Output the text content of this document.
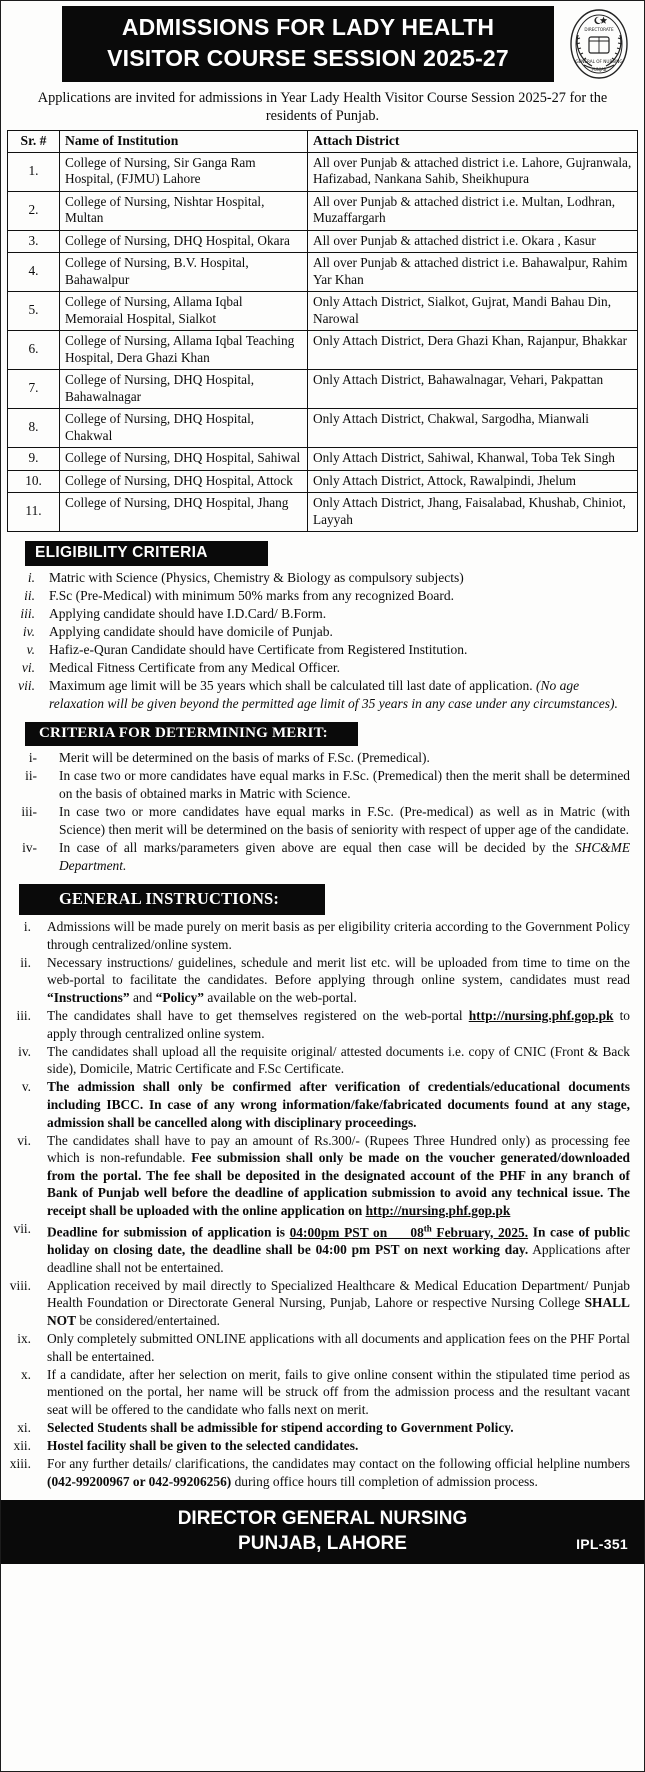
ADMISSIONS FOR LADY HEALTH
VISITOR COURSE SESSION 2025-27
DIRECTORATE
GENERAL OF NURSING
PUNJAB
Applications are invited for admissions in Year Lady Health Visitor Course Session 2025-27 for the residents of Punjab.
Sr. #	Name of Institution	Attach District
1.	College of Nursing, Sir Ganga Ram Hospital, (FJMU) Lahore	All over Punjab & attached district i.e. Lahore, Gujranwala, Hafizabad, Nankana Sahib, Sheikhupura
2.	College of Nursing, Nishtar Hospital, Multan	All over Punjab & attached district i.e. Multan, Lodhran, Muzaffargarh
3.	College of Nursing, DHQ Hospital, Okara	All over Punjab & attached district i.e. Okara , Kasur
4.	College of Nursing, B.V. Hospital, Bahawalpur	All over Punjab & attached district i.e. Bahawalpur, Rahim Yar Khan
5.	College of Nursing, Allama Iqbal Memoraial Hospital, Sialkot	Only Attach District, Sialkot, Gujrat, Mandi Bahau Din, Narowal
6.	College of Nursing, Allama Iqbal Teaching Hospital, Dera Ghazi Khan	Only Attach District, Dera Ghazi Khan, Rajanpur, Bhakkar
7.	College of Nursing, DHQ Hospital, Bahawalnagar	Only Attach District, Bahawalnagar, Vehari, Pakpattan
8.	College of Nursing, DHQ Hospital, Chakwal	Only Attach District, Chakwal, Sargodha, Mianwali
9.	College of Nursing, DHQ Hospital, Sahiwal	Only Attach District, Sahiwal, Khanwal, Toba Tek Singh
10.	College of Nursing, DHQ Hospital, Attock	Only Attach District, Attock, Rawalpindi, Jhelum
11.	College of Nursing, DHQ Hospital, Jhang	Only Attach District, Jhang, Faisalabad, Khushab, Chiniot, Layyah
ELIGIBILITY CRITERIA
i.	Matric with Science (Physics, Chemistry & Biology as compulsory subjects)
ii.	F.Sc (Pre-Medical) with minimum 50% marks from any recognized Board.
iii.	Applying candidate should have I.D.Card/ B.Form.
iv.	Applying candidate should have domicile of Punjab.
v.	Hafiz-e-Quran Candidate should have Certificate from Registered Institution.
vi.	Medical Fitness Certificate from any Medical Officer.
vii.	Maximum age limit will be 35 years which shall be calculated till last date of application. (No age relaxation will be given beyond the permitted age limit of 35 years in any case under any circumstances).
CRITERIA FOR DETERMINING MERIT:
i-	Merit will be determined on the basis of marks of F.Sc. (Premedical).
ii-	In case two or more candidates have equal marks in F.Sc. (Premedical) then the merit shall be determined on the basis of obtained marks in Matric with Science.
iii-	In case two or more candidates have equal marks in F.Sc. (Pre-medical) as well as in Matric (with Science) then merit will be determined on the basis of seniority with respect of upper age of the candidate.
iv-	In case of all marks/parameters given above are equal then case will be decided by the SHC&ME Department.
GENERAL INSTRUCTIONS:
i.	Admissions will be made purely on merit basis as per eligibility criteria according to the Government Policy through centralized/online system.
ii.	Necessary instructions/ guidelines, schedule and merit list etc. will be uploaded from time to time on the web-portal to facilitate the candidates. Before applying through online system, candidates must read “Instructions” and “Policy” available on the web-portal.
iii.	The candidates shall have to get themselves registered on the web-portal http://nursing.phf.gop.pk to apply through centralized online system.
iv.	The candidates shall upload all the requisite original/ attested documents i.e. copy of CNIC (Front & Back side), Domicile, Matric Certificate and F.Sc Certificate.
v.	The admission shall only be confirmed after verification of credentials/educational documents including IBCC. In case of any wrong information/fake/fabricated documents found at any stage, admission shall be cancelled along with disciplinary proceedings.
vi.	The candidates shall have to pay an amount of Rs.300/- (Rupees Three Hundred only) as processing fee which is non-refundable. Fee submission shall only be made on the voucher generated/downloaded from the portal. The fee shall be deposited in the designated account of the PHF in any branch of Bank of Punjab well before the deadline of application submission to avoid any technical issue. The receipt shall be uploaded with the online application on http://nursing.phf.gop.pk
vii.	Deadline for submission of application is 04:00pm PST on     08th February, 2025. In case of public holiday on closing date, the deadline shall be 04:00 pm PST on next working day. Applications after deadline shall not be entertained.
viii.	Application received by mail directly to Specialized Healthcare & Medical Education Department/ Punjab Health Foundation or Directorate General Nursing, Punjab, Lahore or respective Nursing College SHALL NOT be considered/entertained.
ix.	Only completely submitted ONLINE applications with all documents and application fees on the PHF Portal shall be entertained.
x.	If a candidate, after her selection on merit, fails to give online consent within the stipulated time period as mentioned on the portal, her name will be struck off from the admission process and the resultant vacant seat will be offered to the candidate who falls next on merit.
xi.	Selected Students shall be admissible for stipend according to Government Policy.
xii.	Hostel facility shall be given to the selected candidates.
xiii.	For any further details/ clarifications, the candidates may contact on the following official helpline numbers (042-99200967 or 042-99206256) during office hours till completion of admission process.
DIRECTOR GENERAL NURSING
PUNJAB, LAHORE	IPL-351
